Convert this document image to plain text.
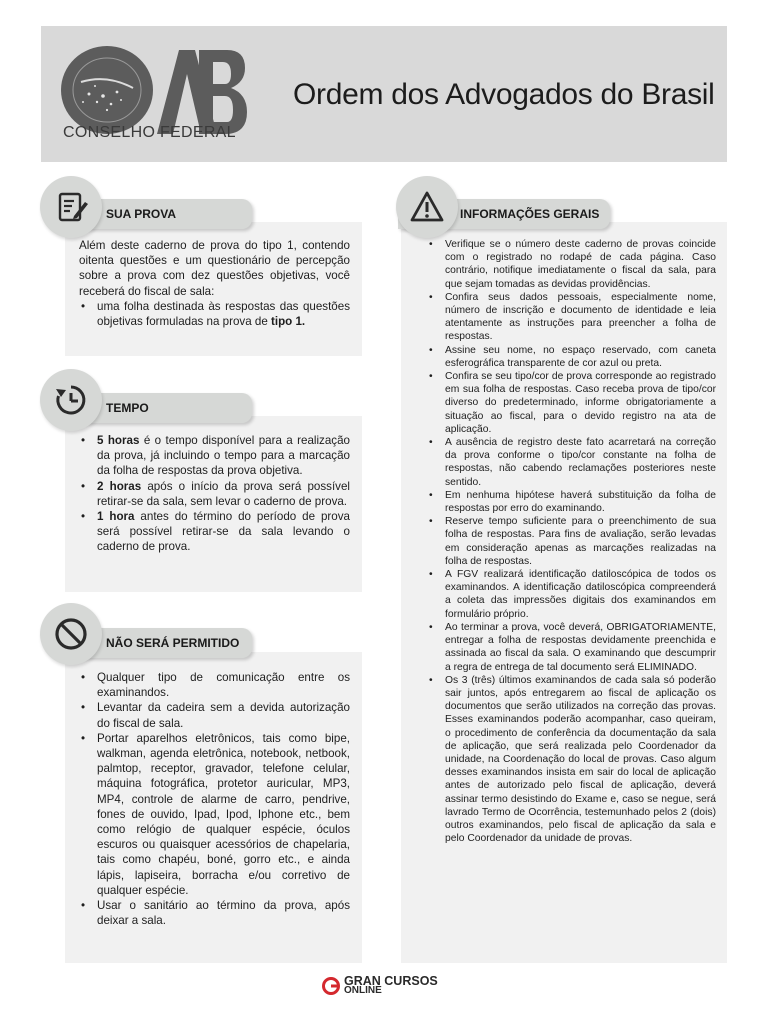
CONSELHO FEDERAL
Ordem dos Advogados do Brasil
SUA PROVA

Além deste caderno de prova do tipo 1, contendo oitenta questões e um questionário de percepção sobre a prova com dez questões objetivas, você receberá do fiscal de sala:

• uma folha destinada às respostas das questões objetivas formuladas na prova de tipo 1.
TEMPO
• 5 horas é o tempo disponível para a realização da prova, já incluindo o tempo para a marcação da folha de respostas da prova objetiva.
• 2 horas após o início da prova será possível retirar-se da sala, sem levar o caderno de prova.
• 1 hora antes do término do período de prova será possível retirar-se da sala levando o caderno de prova.
NÃO SERÁ PERMITIDO
• Qualquer tipo de comunicação entre os examinandos.
• Levantar da cadeira sem a devida autorização do fiscal de sala.
• Portar aparelhos eletrônicos, tais como bipe, walkman, agenda eletrônica, notebook, netbook, palmtop, receptor, gravador, telefone celular, máquina fotográfica, protetor auricular, MP3, MP4, controle de alarme de carro, pendrive, fones de ouvido, Ipad, Ipod, Iphone etc., bem como relógio de qualquer espécie, óculos escuros ou quaisquer acessórios de chapelaria, tais como chapéu, boné, gorro etc., e ainda lápis, lapiseira, borracha e/ou corretivo de qualquer espécie.
• Usar o sanitário ao término da prova, após deixar a sala.
INFORMAÇÕES GERAIS
• Verifique se o número deste caderno de provas coincide com o registrado no rodapé de cada página. Caso contrário, notifique imediatamente o fiscal da sala, para que sejam tomadas as devidas providências.
• Confira seus dados pessoais, especialmente nome, número de inscrição e documento de identidade e leia atentamente as instruções para preencher a folha de respostas.
• Assine seu nome, no espaço reservado, com caneta esferográfica transparente de cor azul ou preta.
• Confira se seu tipo/cor de prova corresponde ao registrado em sua folha de respostas. Caso receba prova de tipo/cor diverso do predeterminado, informe obrigatoriamente a situação ao fiscal, para o devido registro na ata de aplicação.
• A ausência de registro deste fato acarretará na correção da prova conforme o tipo/cor constante na folha de respostas, não cabendo reclamações posteriores neste sentido.
• Em nenhuma hipótese haverá substituição da folha de respostas por erro do examinando.
• Reserve tempo suficiente para o preenchimento de sua folha de respostas. Para fins de avaliação, serão levadas em consideração apenas as marcações realizadas na folha de respostas.
• A FGV realizará identificação datiloscópica de todos os examinandos. A identificação datiloscópica compreenderá a coleta das impressões digitais dos examinandos em formulário próprio.
• Ao terminar a prova, você deverá, OBRIGATORIAMENTE, entregar a folha de respostas devidamente preenchida e assinada ao fiscal da sala. O examinando que descumprir a regra de entrega de tal documento será ELIMINADO.
• Os 3 (três) últimos examinandos de cada sala só poderão sair juntos, após entregarem ao fiscal de aplicação os documentos que serão utilizados na correção das provas. Esses examinandos poderão acompanhar, caso queiram, o procedimento de conferência da documentação da sala de aplicação, que será realizada pelo Coordenador da unidade, na Coordenação do local de provas. Caso algum desses examinandos insista em sair do local de aplicação antes de autorizado pelo fiscal de aplicação, deverá assinar termo desistindo do Exame e, caso se negue, será lavrado Termo de Ocorrência, testemunhado pelos 2 (dois) outros examinandos, pelo fiscal de aplicação da sala e pelo Coordenador da unidade de provas.
GRAN CURSOS
ONLINE
